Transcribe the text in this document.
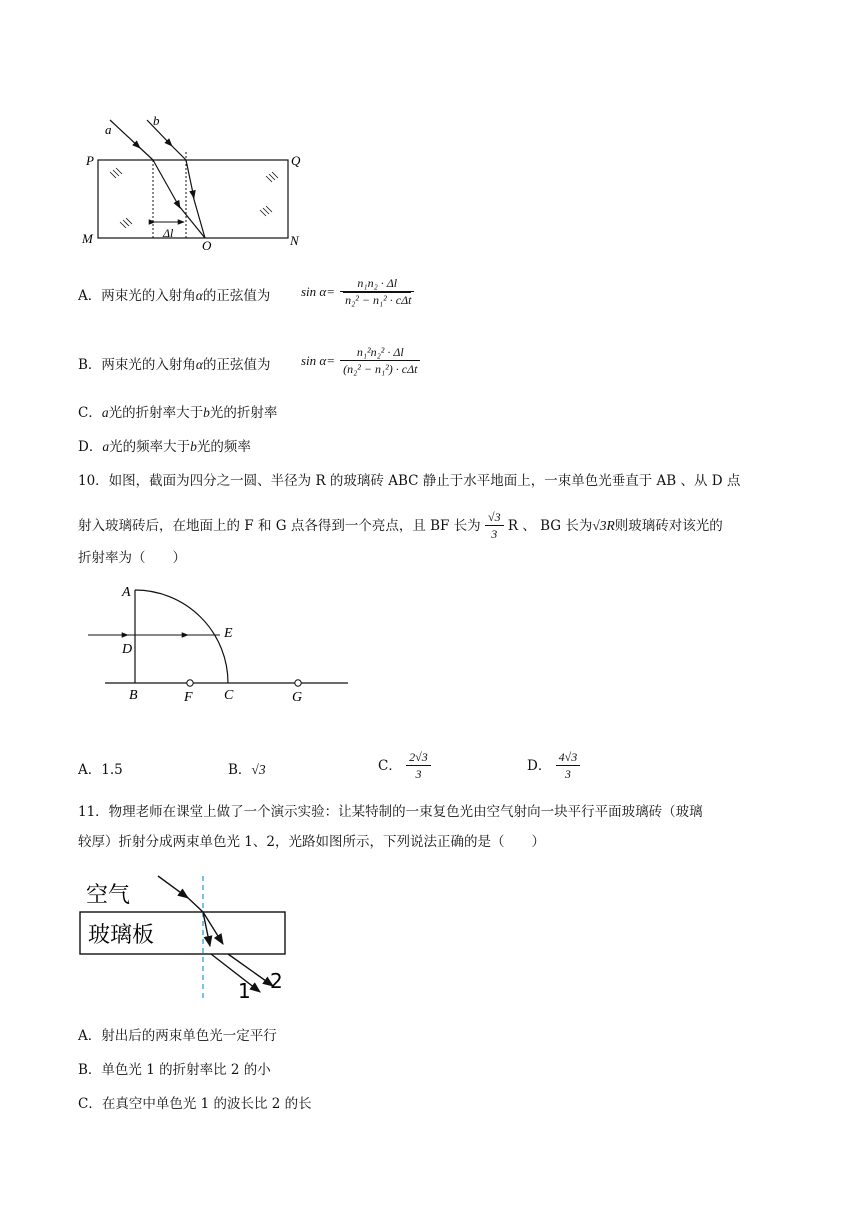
a
b
P	Q
M	N
O
Δl
A．两束光的入射角α的正弦值为 $\sin \alpha= \frac{\text{n₁n₂ · Δl}}{\text{n₂² − n₁² · cΔt}}$
B．两束光的入射角α的正弦值为 $\sin \alpha= \frac{\text{n₁²n₂² · Δl}}{\text{(n₂² − n₁²) · cΔt}}$
C．a光的折射率大于b光的折射率
D．a光的频率大于b光的频率
10．如图，截面为四分之一圆、半径为 R 的玻璃砖 ABC 静止于水平地面上，一束单色光垂直于 AB 、从 D 点
射入玻璃砖后，在地面上的 F 和 G 点各得到一个亮点，且 BF 长为 $\frac{√3}{3}$ R 、 BG 长为√3R则玻璃砖对该光的
折射率为（　　）
A
D
E
B	F C	G
A．1.5	B．√3	C． $\frac{2√3}{3}$	D． $\frac{4√3}{3}$
11．物理老师在课堂上做了一个演示实验：让某特制的一束复色光由空气射向一块平行平面玻璃砖（玻璃
较厚）折射分成两束单色光 1、2，光路如图所示，下列说法正确的是（　　）
空气
玻璃板
1 2
A．射出后的两束单色光一定平行
B．单色光 1 的折射率比 2 的小
C．在真空中单色光 1 的波长比 2 的长
